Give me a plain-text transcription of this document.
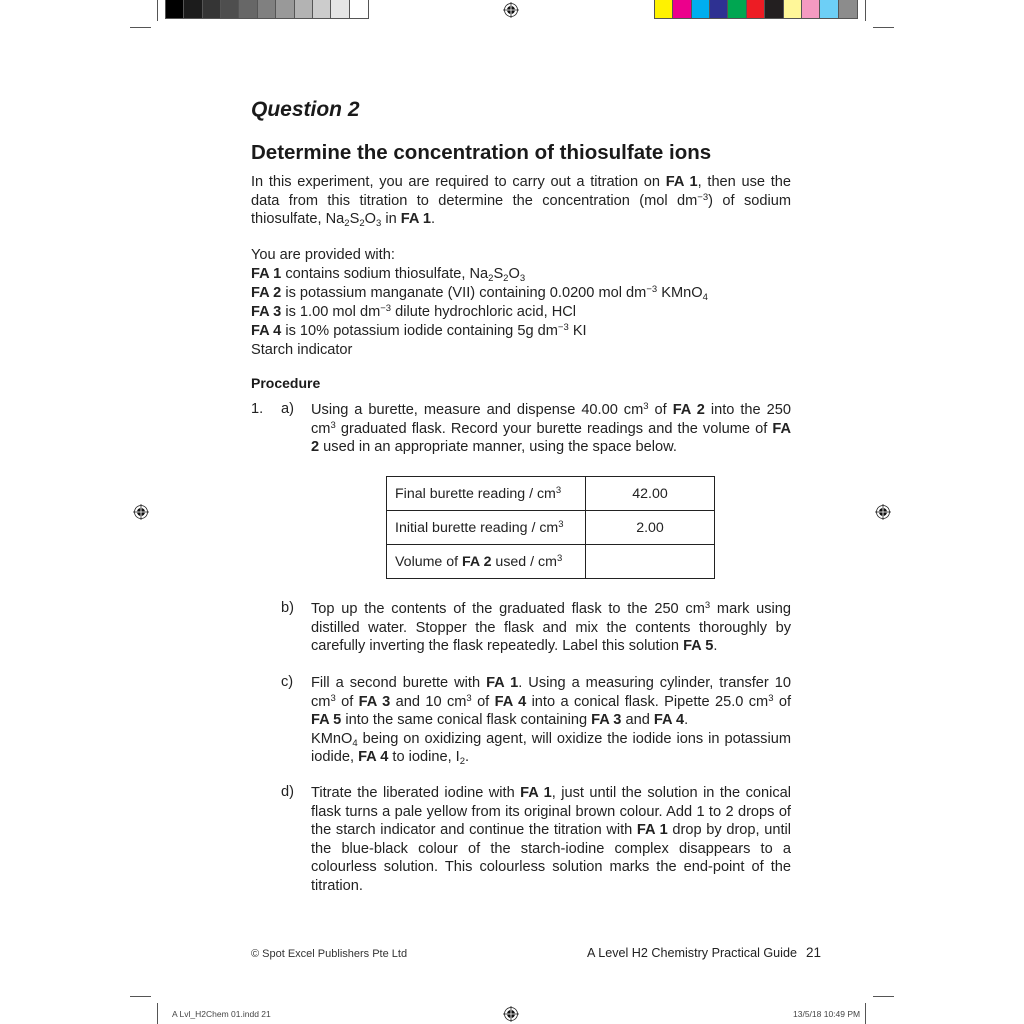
Question 2
Determine the concentration of thiosulfate ions
In this experiment, you are required to carry out a titration on FA 1, then use the data from this titration to determine the concentration (mol $dm^{-3}$) of sodium thiosulfate, $Na_2S_2O_3$ in FA 1.
You are provided with:
FA 1 contains sodium thiosulfate, $Na_2S_2O_3$
FA 2 is potassium manganate (VII) containing 0.0200 mol $dm^{-3}$ KMnO$_4$
FA 3 is 1.00 mol $dm^{-3}$ dilute hydrochloric acid, HCl
FA 4 is 10% potassium iodide containing 5g $dm^{-3}$ KI
Starch indicator
Procedure
1. a) Using a burette, measure and dispense 40.00 $cm^3$ of FA 2 into the 250 $cm^3$ graduated flask. Record your burette readings and the volume of FA 2 used in an appropriate manner, using the space below.
Final burette reading / $cm^3$	42.00
Initial burette reading / $cm^3$	2.00
Volume of FA 2 used / $cm^3$	
b) Top up the contents of the graduated flask to the 250 $cm^3$ mark using distilled water. Stopper the flask and mix the contents thoroughly by carefully inverting the flask repeatedly. Label this solution FA 5.
c) Fill a second burette with FA 1. Using a measuring cylinder, transfer 10 $cm^3$ of FA 3 and 10 $cm^3$ of FA 4 into a conical flask. Pipette 25.0 $cm^3$ of FA 5 into the same conical flask containing FA 3 and FA 4.
KMnO$_4$ being on oxidizing agent, will oxidize the iodide ions in potassium iodide, FA 4 to iodine, $I_2$.
d) Titrate the liberated iodine with FA 1, just until the solution in the conical flask turns a pale yellow from its original brown colour. Add 1 to 2 drops of the starch indicator and continue the titration with FA 1 drop by drop, until the blue-black colour of the starch-iodine complex disappears to a colourless solution. This colourless solution marks the end-point of the titration.
© Spot Excel Publishers Pte Ltd	A Level H2 Chemistry Practical Guide 21
A Lvl_H2Chem 01.indd 21	13/5/18 10:49 PM
